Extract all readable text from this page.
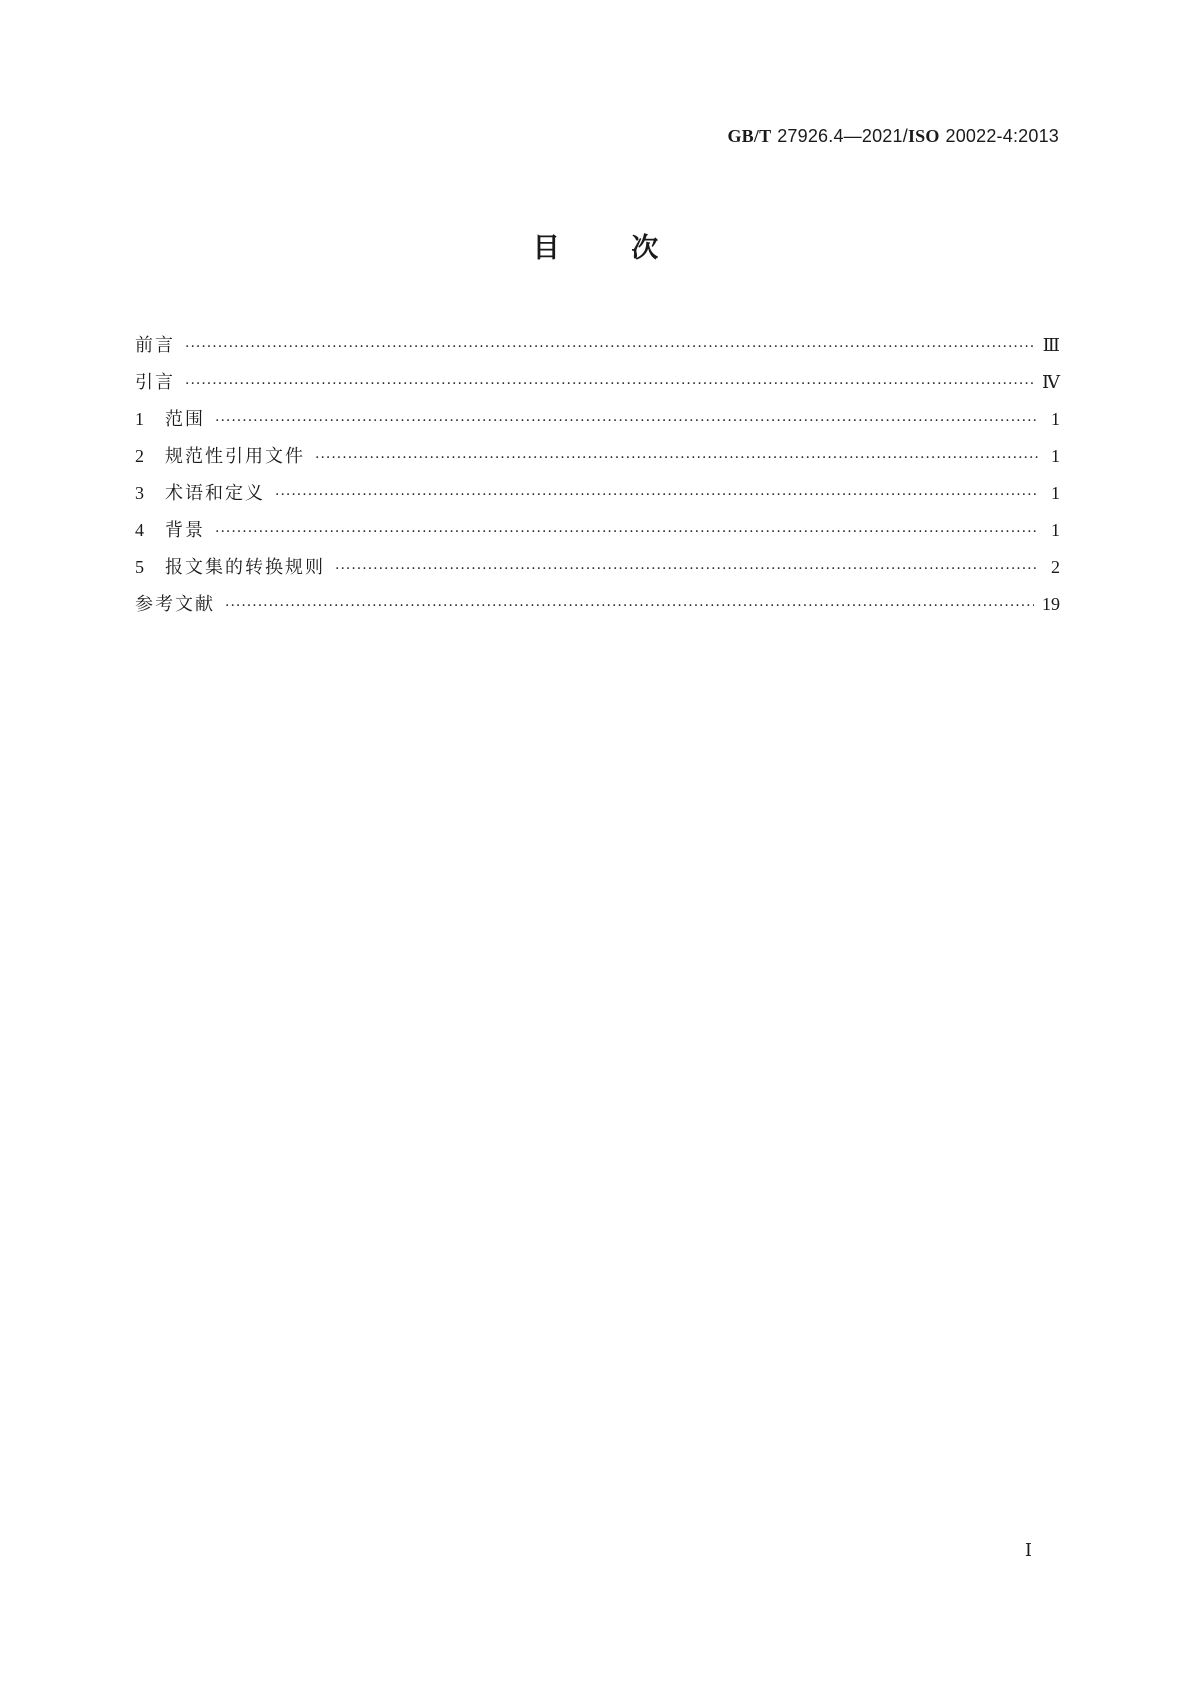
GB/T 27926.4—2021/ISO 20022-4:2013
目 次
前言 ·····	Ⅲ
引言 ·····	Ⅳ
1	范围 ·····	1
2	规范性引用文件 ·····	1
3	术语和定义 ·····	1
4	背景 ·····	1
5	报文集的转换规则 ·····	2
参考文献 ·····	19
Ⅰ
